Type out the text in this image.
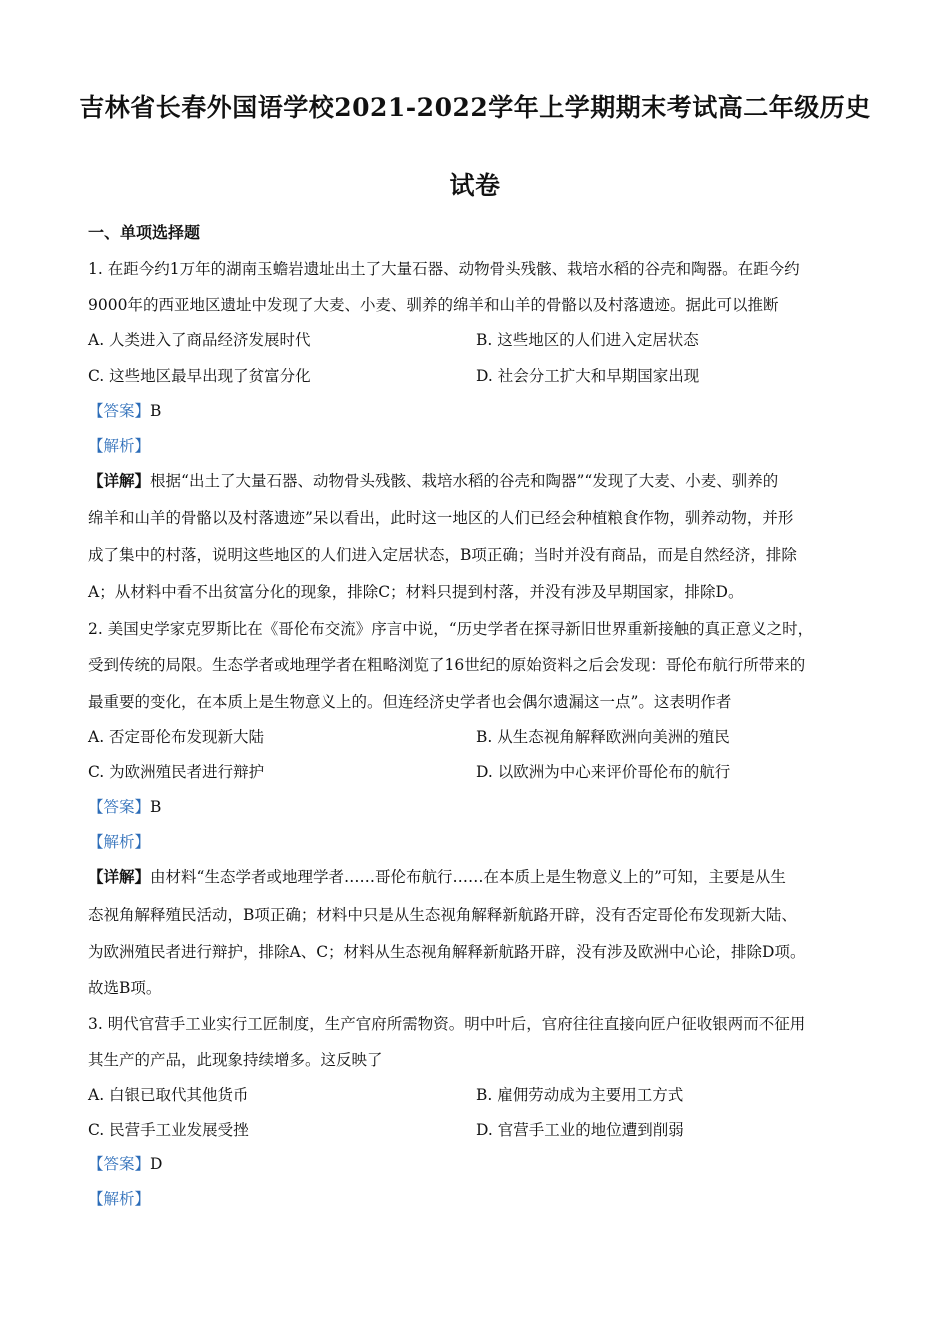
吉林省长春外国语学校2021-2022学年上学期期末考试高二年级历史
试卷
一、单项选择题
1. 在距今约1万年的湖南玉蟾岩遗址出土了大量石器、动物骨头残骸、栽培水稻的谷壳和陶器。在距今约
9000年的西亚地区遗址中发现了大麦、小麦、驯养的绵羊和山羊的骨骼以及村落遗迹。据此可以推断
A. 人类进入了商品经济发展时代	B. 这些地区的人们进入定居状态
C. 这些地区最早出现了贫富分化	D. 社会分工扩大和早期国家出现
【答案】B
【解析】
【详解】根据“出土了大量石器、动物骨头残骸、栽培水稻的谷壳和陶器”“发现了大麦、小麦、驯养的
绵羊和山羊的骨骼以及村落遗迹”呆以看出，此时这一地区的人们已经会种植粮食作物，驯养动物，并形
成了集中的村落，说明这些地区的人们进入定居状态，B项正确；当时并没有商品，而是自然经济，排除
A；从材料中看不出贫富分化的现象，排除C；材料只提到村落，并没有涉及早期国家，排除D。
2. 美国史学家克罗斯比在《哥伦布交流》序言中说，“历史学者在探寻新旧世界重新接触的真正意义之时，
受到传统的局限。生态学者或地理学者在粗略浏览了16世纪的原始资料之后会发现：哥伦布航行所带来的
最重要的变化，在本质上是生物意义上的。但连经济史学者也会偶尔遗漏这一点”。这表明作者
A. 否定哥伦布发现新大陆	B. 从生态视角解释欧洲向美洲的殖民
C. 为欧洲殖民者进行辩护	D. 以欧洲为中心来评价哥伦布的航行
【答案】B
【解析】
【详解】由材料“生态学者或地理学者……哥伦布航行……在本质上是生物意义上的”可知，主要是从生
态视角解释殖民活动，B项正确；材料中只是从生态视角解释新航路开辟，没有否定哥伦布发现新大陆、
为欧洲殖民者进行辩护，排除A、C；材料从生态视角解释新航路开辟，没有涉及欧洲中心论，排除D项。
故选B项。
3. 明代官营手工业实行工匠制度，生产官府所需物资。明中叶后，官府往往直接向匠户征收银两而不征用
其生产的产品，此现象持续增多。这反映了
A. 白银已取代其他货币	B. 雇佣劳动成为主要用工方式
C. 民营手工业发展受挫	D. 官营手工业的地位遭到削弱
【答案】D
【解析】
